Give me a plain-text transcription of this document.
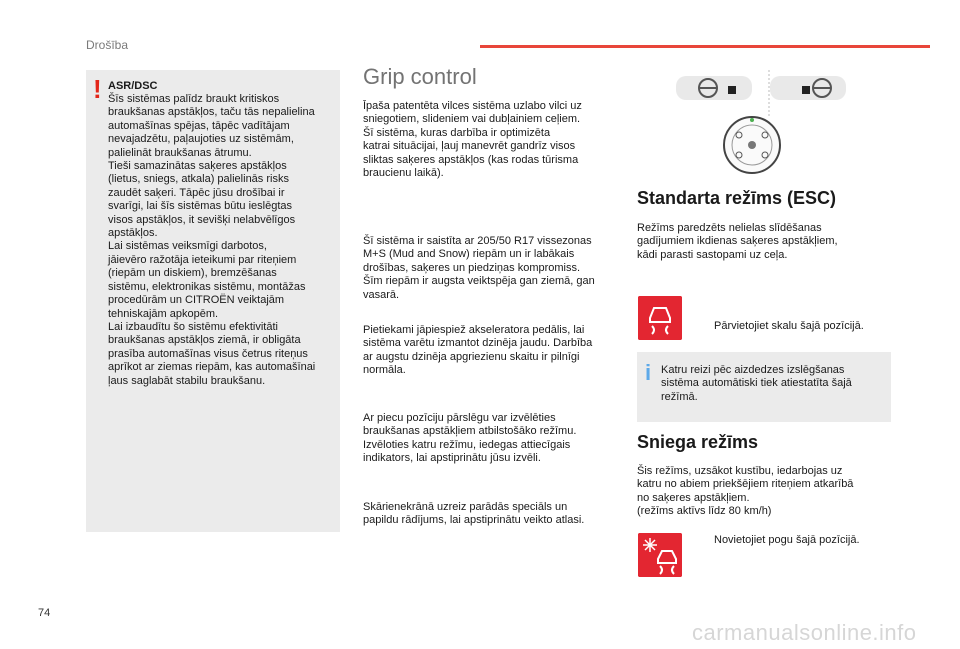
Drošība
! ASR/DSC
Šīs sistēmas palīdz braukt kritiskos
braukšanas apstākļos, taču tās nepalielina
automašīnas spējas, tāpēc vadītājam
nevajadzētu, paļaujoties uz sistēmām,
palielināt braukšanas ātrumu.
Tieši samazinātas saķeres apstākļos
(lietus, sniegs, atkala) palielinās risks
zaudēt saķeri. Tāpēc jūsu drošībai ir
svarīgi, lai šīs sistēmas būtu ieslēgtas
visos apstākļos, it sevišķi nelabvēlīgos
apstākļos.
Lai sistēmas veiksmīgi darbotos,
jāievēro ražotāja ieteikumi par riteņiem
(riepām un diskiem), bremzēšanas
sistēmu, elektronikas sistēmu, montāžas
procedūrām un CITROËN veiktajām
tehniskajām apkopēm.
Lai izbaudītu šo sistēmu efektivitāti
braukšanas apstākļos ziemā, ir obligāta
prasība automašīnas visus četrus riteņus
aprīkot ar ziemas riepām, kas automašīnai
ļaus saglabāt stabilu braukšanu.
Grip control
Īpaša patentēta vilces sistēma uzlabo vilci uz
sniegotiem, slideniem vai dubļainiem ceļiem.
Šī sistēma, kuras darbība ir optimizēta
katrai situācijai, ļauj manevrēt gandrīz visos
sliktas saķeres apstākļos (kas rodas tūrisma
braucienu laikā).
Šī sistēma ir saistīta ar 205/50 R17 vissezonas
M+S (Mud and Snow) riepām un ir labākais
drošības, saķeres un piedziņas kompromiss.
Šīm riepām ir augsta veiktspēja gan ziemā, gan
vasarā.
Pietiekami jāpiespiež akseleratora pedālis, lai
sistēma varētu izmantot dzinēja jaudu. Darbība
ar augstu dzinēja apgriezienu skaitu ir pilnīgi
normāla.
Ar piecu pozīciju pārslēgu var izvēlēties
braukšanas apstākļiem atbilstošāko režīmu.
Izvēloties katru režīmu, iedegas attiecīgais
indikators, lai apstiprinātu jūsu izvēli.
Skārienekrānā uzreiz parādās speciāls un
papildu rādījums, lai apstiprinātu veikto atlasi.
Standarta režīms (ESC)
Režīms paredzēts nelielas slīdēšanas
gadījumiem ikdienas saķeres apstākļiem,
kādi parasti sastopami uz ceļa.
Pārvietojiet skalu šajā pozīcijā.
i Katru reizi pēc aizdedzes izslēgšanas
sistēma automātiski tiek atiestatīta šajā
režīmā.
Sniega režīms
Šis režīms, uzsākot kustību, iedarbojas uz
katru no abiem priekšējiem riteņiem atkarībā
no saķeres apstākļiem.
(režīms aktīvs līdz 80 km/h)
Novietojiet pogu šajā pozīcijā.
74
carmanualsonline.info
